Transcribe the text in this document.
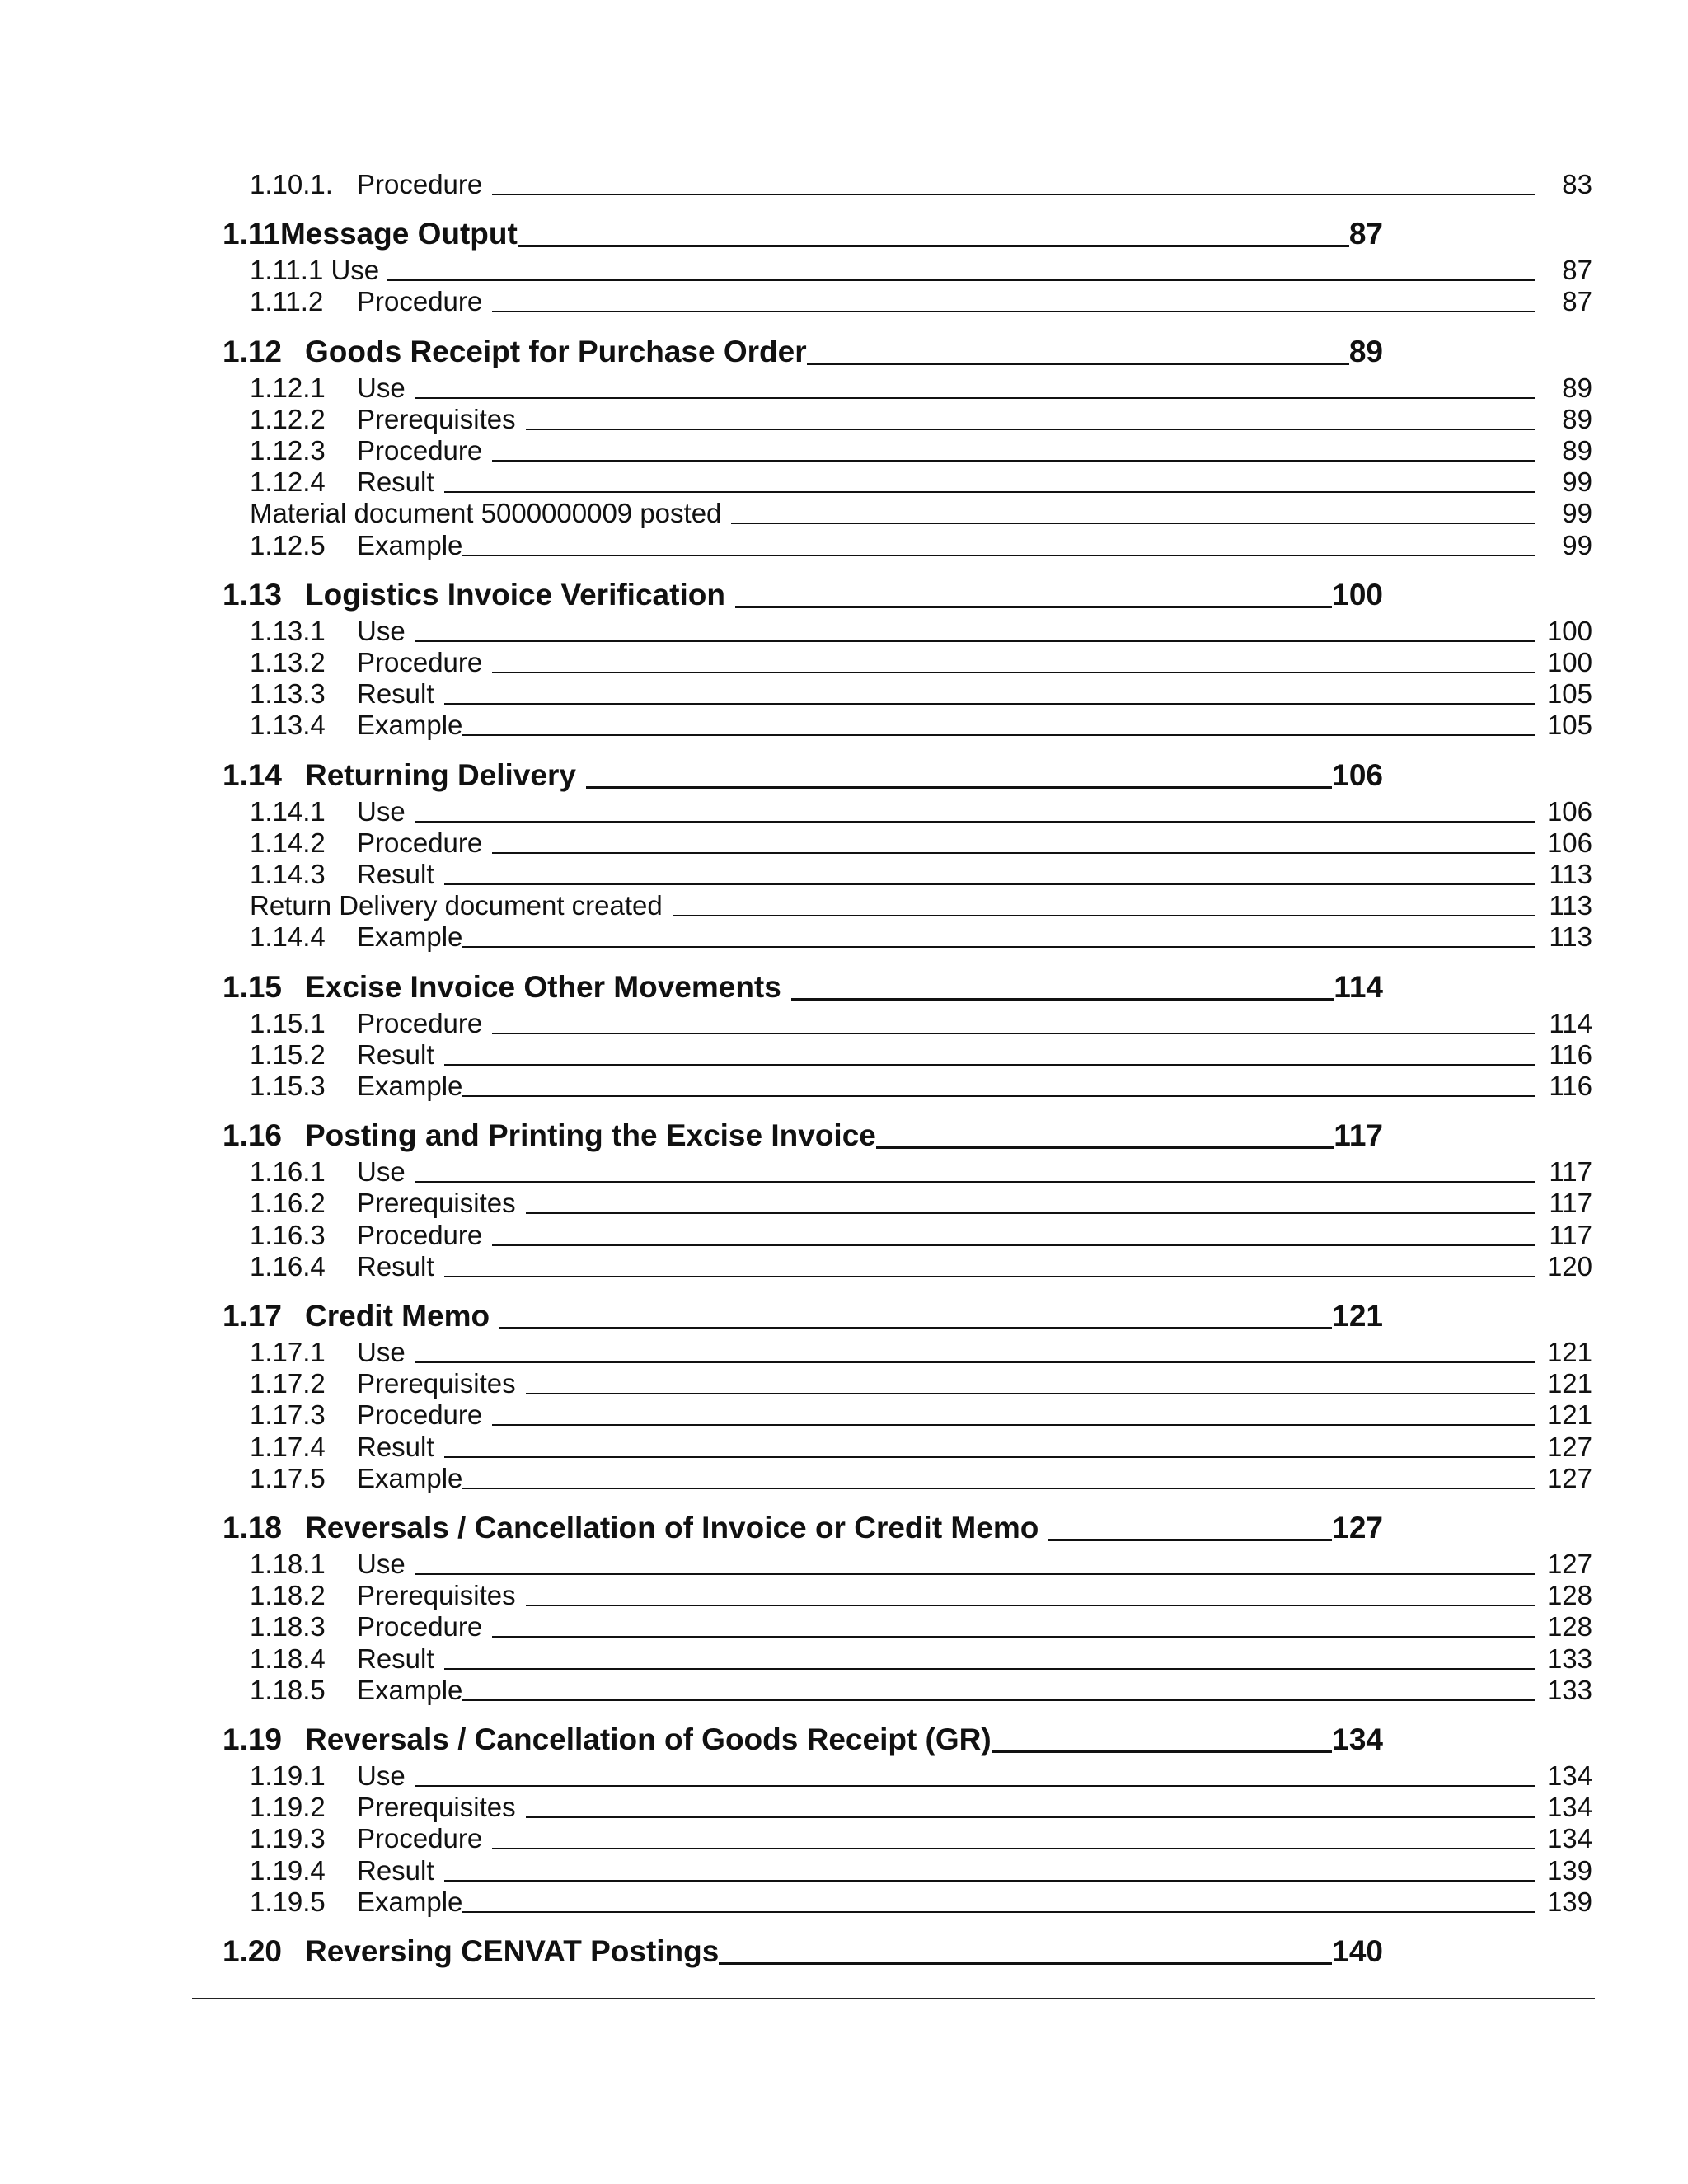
1.10.1. Procedure	83
1.11 Message Output	87
1.11.1 Use	87
1.11.2	Procedure	87
1.12 Goods Receipt for Purchase Order	89
1.12.1	Use	89
1.12.2	Prerequisites	89
1.12.3	Procedure	89
1.12.4	Result	99
Material document 5000000009 posted	99
1.12.5	Example	99
1.13 Logistics Invoice Verification	100
1.13.1	Use	100
1.13.2	Procedure	100
1.13.3	Result	105
1.13.4	Example	105
1.14 Returning Delivery	106
1.14.1	Use	106
1.14.2	Procedure	106
1.14.3	Result	113
Return Delivery document created	113
1.14.4	Example	113
1.15 Excise Invoice Other Movements	114
1.15.1	Procedure	114
1.15.2	Result	116
1.15.3	Example	116
1.16 Posting and Printing the Excise Invoice	117
1.16.1	Use	117
1.16.2	Prerequisites	117
1.16.3	Procedure	117
1.16.4	Result	120
1.17 Credit Memo	121
1.17.1	Use	121
1.17.2	Prerequisites	121
1.17.3	Procedure	121
1.17.4	Result	127
1.17.5	Example	127
1.18 Reversals / Cancellation of Invoice or Credit Memo	127
1.18.1	Use	127
1.18.2	Prerequisites	128
1.18.3	Procedure	128
1.18.4	Result	133
1.18.5	Example	133
1.19 Reversals / Cancellation of Goods Receipt (GR)	134
1.19.1	Use	134
1.19.2	Prerequisites	134
1.19.3	Procedure	134
1.19.4	Result	139
1.19.5	Example	139
1.20 Reversing CENVAT Postings	140
